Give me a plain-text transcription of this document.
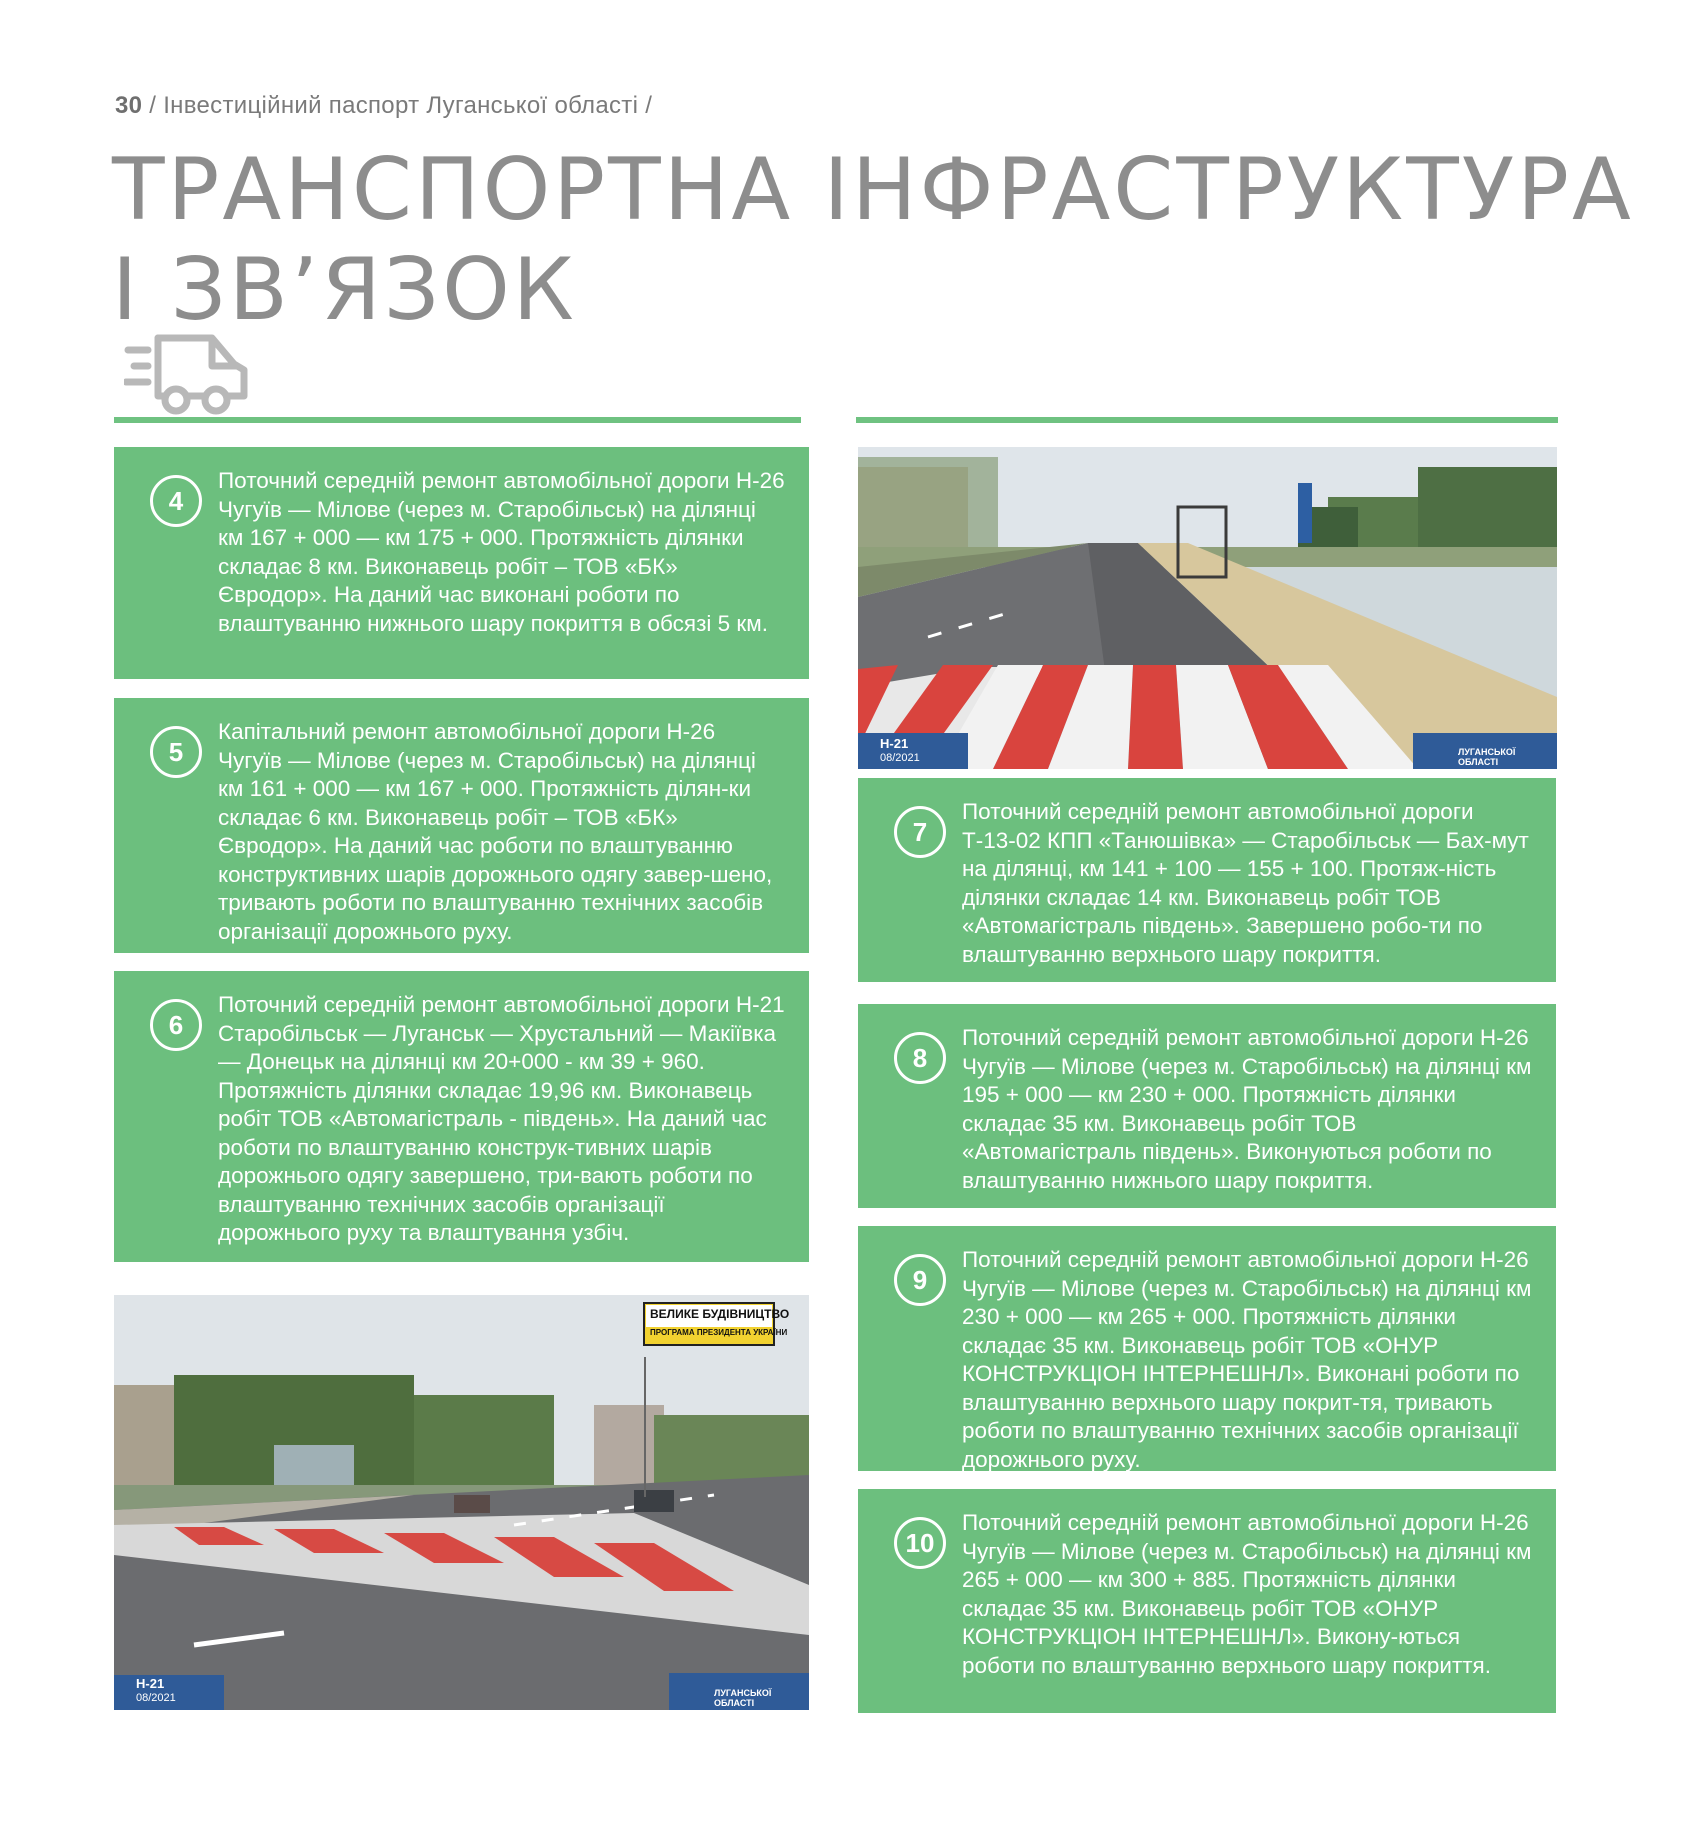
30 / Інвестиційний паспорт Луганської області /
ТРАНСПОРТНА ІНФРАСТРУКТУРА
І ЗВ’ЯЗОК
4

Поточний середній ремонт автомобільної дороги Н-26 Чугуїв — Мілове (через м. Старобільськ) на ділянці км 167 + 000 — км 175 + 000. Протяжність ділянки складає 8 км. Виконавець робіт – ТОВ «БК» Євродор». На даний час виконані роботи по влаштуванню нижнього шару покриття в обсязі 5 км.

5

Капітальний ремонт автомобільної дороги Н-26 Чугуїв — Мілове (через м. Старобільськ) на ділянці км 161 + 000 — км 167 + 000. Протяжність ділян-ки складає 6 км. Виконавець робіт – ТОВ «БК» Євродор». На даний час роботи по влаштуванню конструктивних шарів дорожнього одягу завер-шено, тривають роботи по влаштуванню технічних засобів організації дорожнього руху.

6

Поточний середній ремонт автомобільної дороги Н-21 Старобільськ — Луганськ — Хрустальний — Макіївка — Донецьк на ділянці км 20+000 - км 39 + 960. Протяжність ділянки складає 19,96 км. Виконавець робіт ТОВ «Автомагістраль - південь». На даний час роботи по влаштуванню конструк-тивних шарів дорожнього одягу завершено, три-вають роботи по влаштуванню технічних засобів організації дорожнього руху та влаштування узбіч.

Н-21
08/2021	ЛУГАНСЬКОЇ ОБЛАСТІ
7

Поточний середній ремонт автомобільної дороги Т-13-02 КПП «Танюшівка» — Старобільськ — Бах-мут на ділянці, км 141 + 100 — 155 + 100. Протяж-ність ділянки складає 14 км. Виконавець робіт ТОВ «Автомагістраль південь». Завершено робо-ти по влаштуванню верхнього шару покриття.

8

Поточний середній ремонт автомобільної дороги Н-26 Чугуїв — Мілове (через м. Старобільськ) на ділянці км 195 + 000 — км 230 + 000. Протяжність ділянки складає 35 км. Виконавець робіт ТОВ «Автомагістраль південь». Виконуються роботи по влаштуванню нижнього шару покриття.

9

Поточний середній ремонт автомобільної дороги Н-26 Чугуїв — Мілове (через м. Старобільськ) на ділянці км 230 + 000 — км 265 + 000. Протяжність ділянки складає 35 км. Виконавець робіт ТОВ «ОНУР КОНСТРУКЦІОН ІНТЕРНЕШНЛ». Виконані роботи по влаштуванню верхнього шару покрит-тя, тривають роботи по влаштуванню технічних засобів організації дорожнього руху.

10

Поточний середній ремонт автомобільної дороги Н-26 Чугуїв — Мілове (через м. Старобільськ) на ділянці км 265 + 000 — км 300 + 885. Протяжність ділянки складає 35 км. Виконавець робіт ТОВ «ОНУР КОНСТРУКЦІОН ІНТЕРНЕШНЛ». Викону-ються роботи по влаштуванню верхнього шару покриття.

ВЕЛИКЕ БУДІВНИЦТВО
ПРОГРАМА ПРЕЗИДЕНТА УКРАЇНИ
Н-21
08/2021	ЛУГАНСЬКОЇ ОБЛАСТІ
